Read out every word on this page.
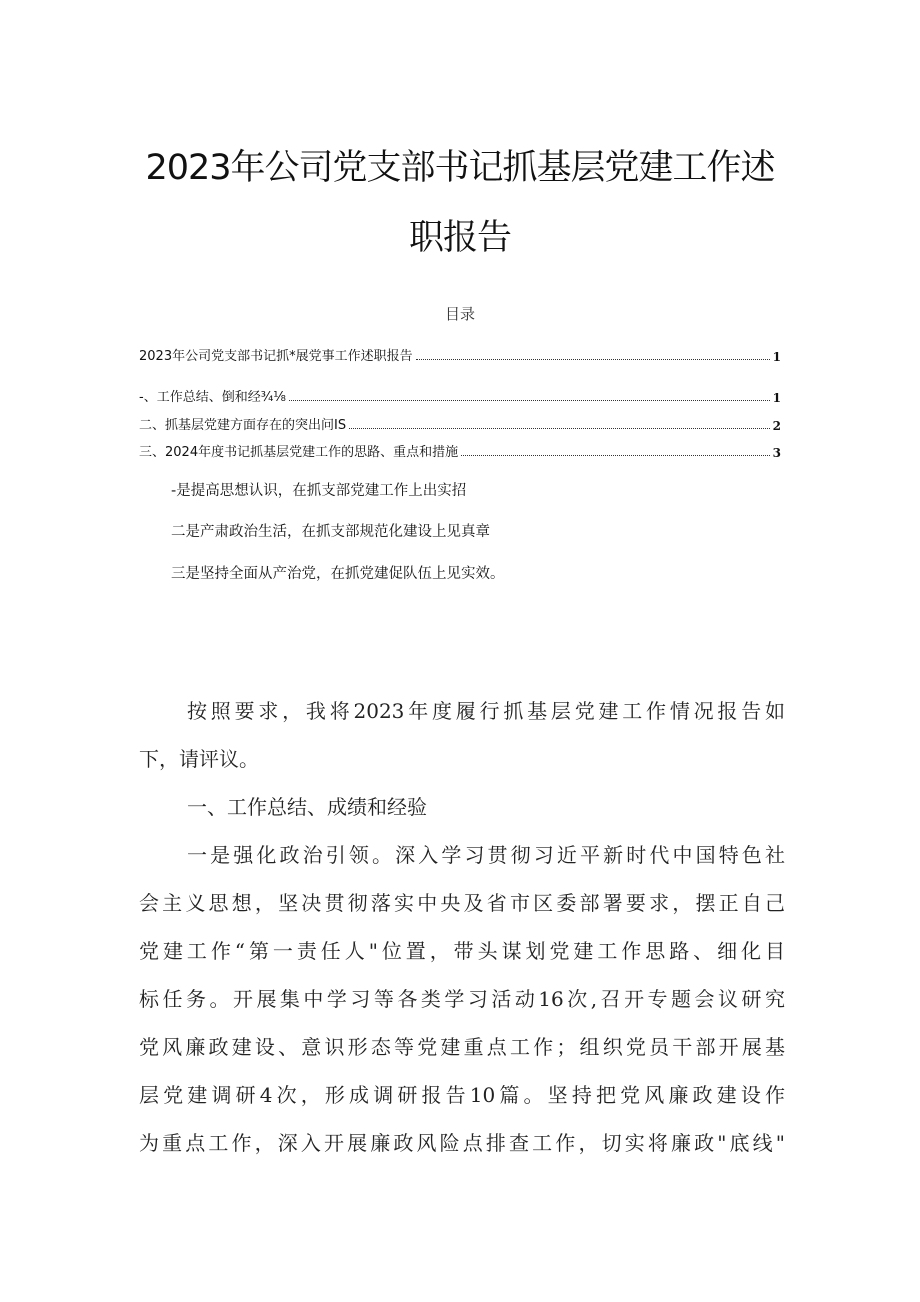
2023年公司党支部书记抓基层党建工作述
职报告
目录
2023年公司党支部书记抓*展党事工作述职报告	1
-、工作总结、倒和经¾⅛	1
二、抓基层党建方面存在的突出问IS	2
三、2024年度书记抓基层党建工作的思路、重点和措施	3
-是提高思想认识，在抓支部党建工作上出实招
二是产肃政治生活，在抓支部规范化建设上见真章
三是坚持全面从产治党，在抓党建促队伍上见实效。
按照要求，我将2023年度履行抓基层党建工作情况报告如
下，请评议。
一、工作总结、成绩和经验
一是强化政治引领。深入学习贯彻习近平新时代中国特色社
会主义思想，坚决贯彻落实中央及省市区委部署要求，摆正自己
党建工作“第一责任人"位置，带头谋划党建工作思路、细化目
标任务。开展集中学习等各类学习活动16次,召开专题会议研究
党风廉政建设、意识形态等党建重点工作；组织党员干部开展基
层党建调研4次，形成调研报告10篇。坚持把党风廉政建设作
为重点工作，深入开展廉政风险点排查工作，切实将廉政"底线"
